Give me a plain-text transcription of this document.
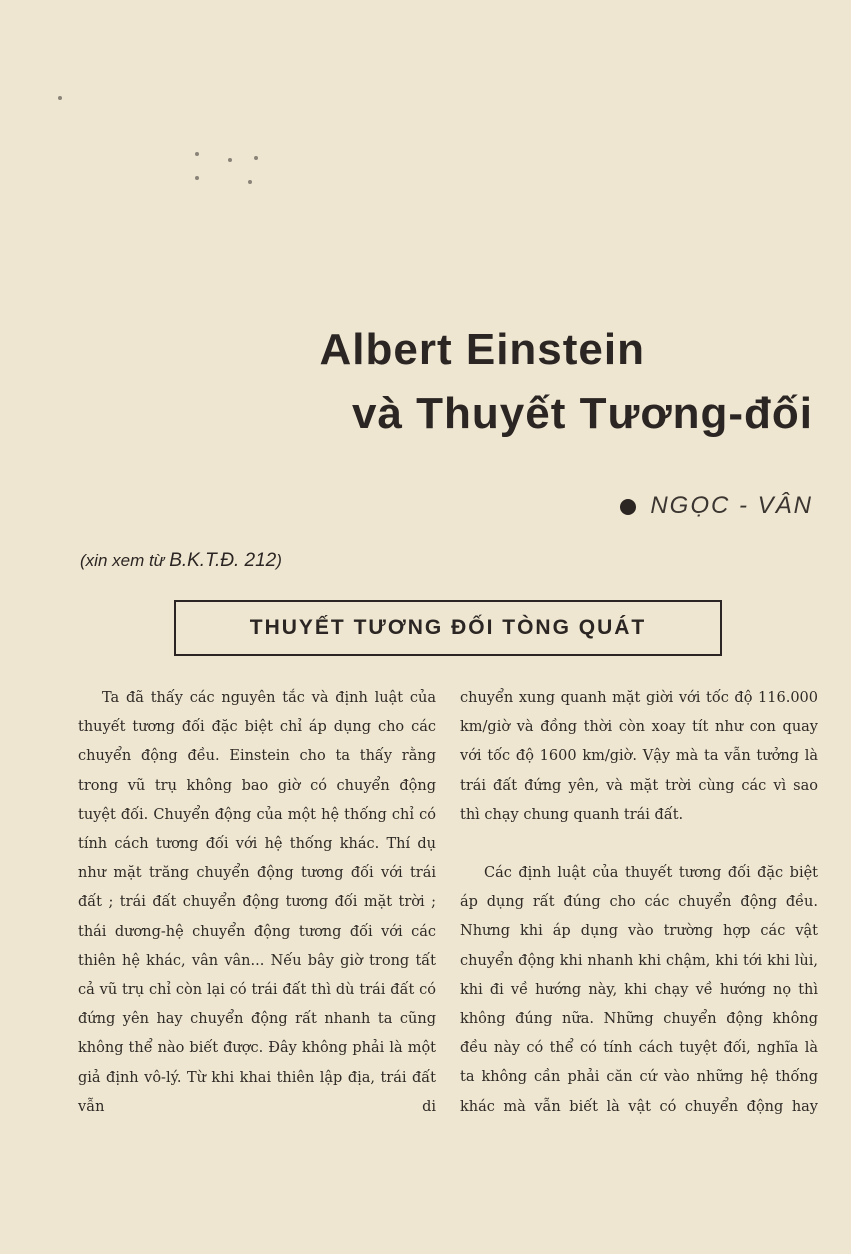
Albert Einstein
và Thuyết Tương-đối
NGỌC - VÂN
(xin xem từ B.K.T.Đ. 212)
THUYẾT TƯƠNG ĐỐI TÒNG QUÁT

Ta đã thấy các nguyên tắc và định luật của thuyết tương đối đặc biệt chỉ áp dụng cho các chuyển động đều. Einstein cho ta thấy rằng trong vũ trụ không bao giờ có chuyển động tuyệt đối. Chuyển động của một hệ thống chỉ có tính cách tương đối với hệ thống khác. Thí dụ như mặt trăng chuyển động tương đối với trái đất ; trái đất chuyển động tương đối mặt trời ; thái dương-hệ chuyển động tương đối với các thiên hệ khác, vân vân... Nếu bây giờ trong tất cả vũ trụ chỉ còn lại có trái đất thì dù trái đất có đứng yên hay chuyển động rất nhanh ta cũng không thể nào biết được. Đây không phải là một giả định vô-lý. Từ khi khai thiên lập địa, trái đất vẫn di

chuyển xung quanh mặt giời với tốc độ 116.000 km/giờ và đồng thời còn xoay tít như con quay với tốc độ 1600 km/giờ. Vậy mà ta vẫn tưởng là trái đất đứng yên, và mặt trời cùng các vì sao thì chạy chung quanh trái đất.

Các định luật của thuyết tương đối đặc biệt áp dụng rất đúng cho các chuyển động đều. Nhưng khi áp dụng vào trường hợp các vật chuyển động khi nhanh khi chậm, khi tới khi lùi, khi đi về hướng này, khi chạy về hướng nọ thì không đúng nữa. Những chuyển động không đều này có thể có tính cách tuyệt đối, nghĩa là ta không cần phải căn cứ vào những hệ thống khác mà vẫn biết là vật có chuyển động hay
